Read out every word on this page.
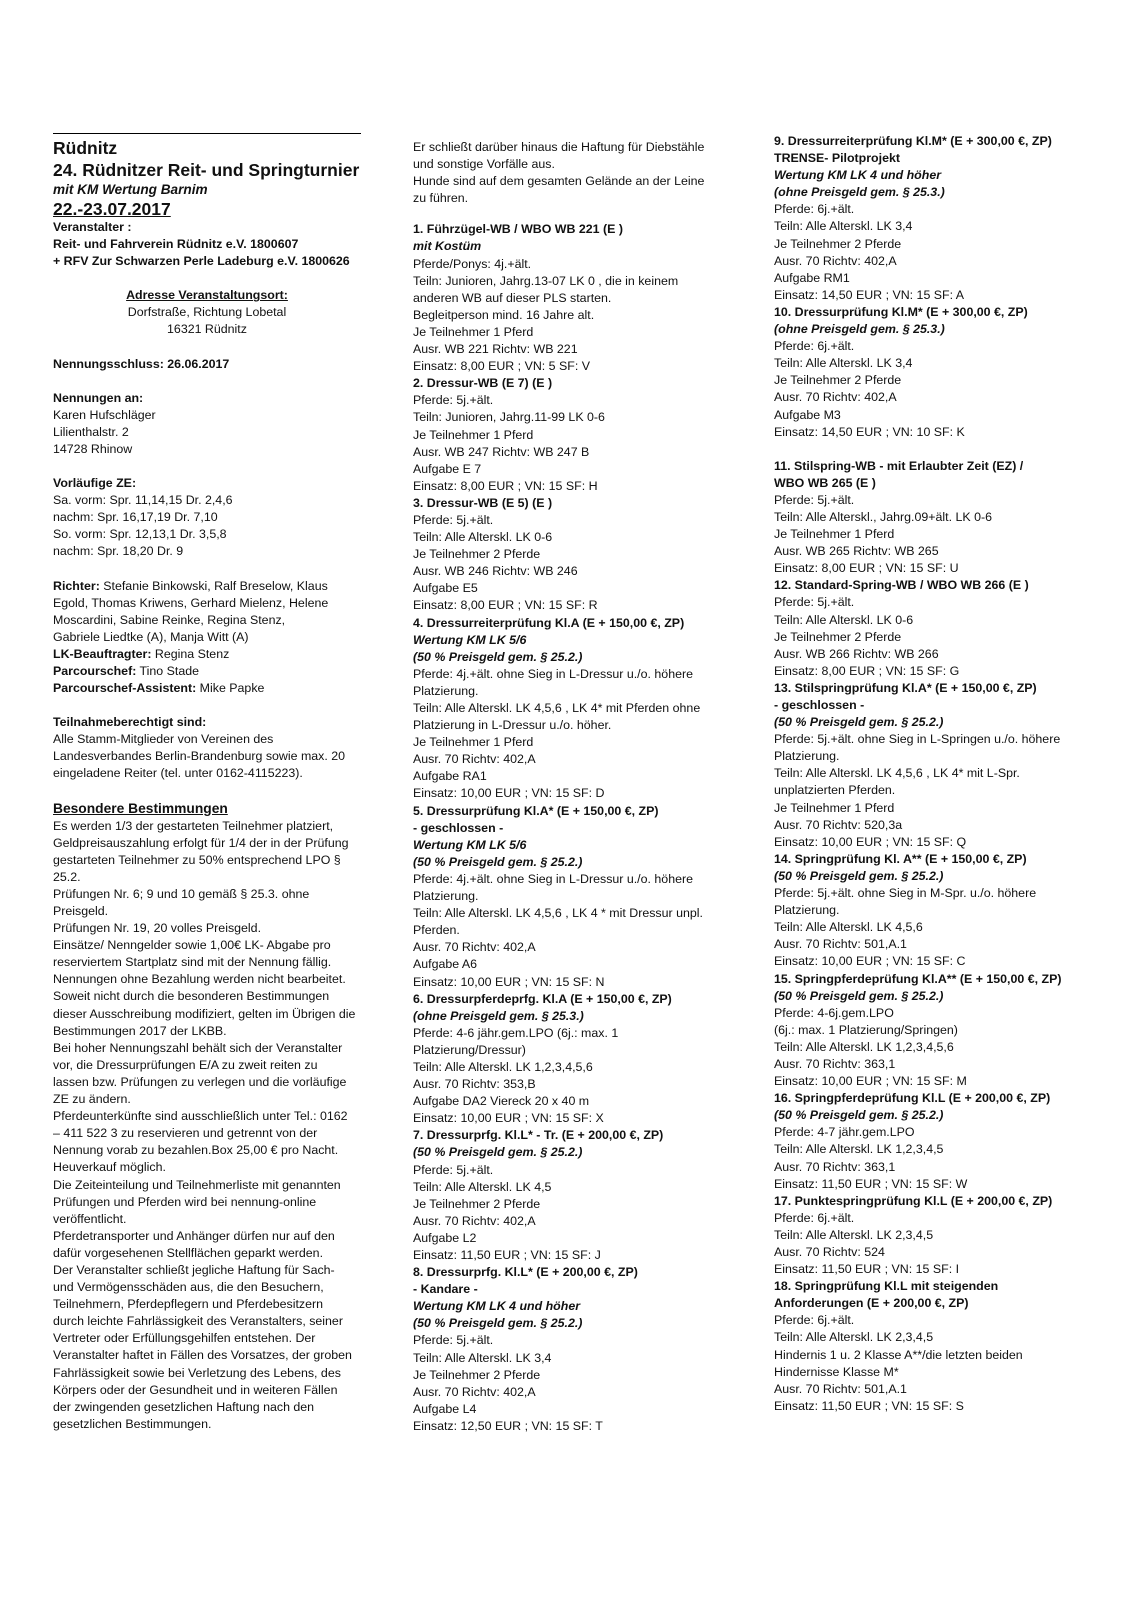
Rüdnitz
24. Rüdnitzer Reit- und Springturnier
mit KM Wertung Barnim
22.-23.07.2017
Veranstalter :
Reit- und Fahrverein Rüdnitz e.V. 1800607
+ RFV Zur Schwarzen Perle Ladeburg e.V. 1800626
Adresse Veranstaltungsort:
Dorfstraße, Richtung Lobetal
16321 Rüdnitz
Nennungsschluss: 26.06.2017
Nennungen an:
Karen Hufschläger
Lilienthalstr. 2
14728 Rhinow
Vorläufige ZE:
Sa. vorm: Spr. 11,14,15 Dr. 2,4,6
nachm: Spr. 16,17,19 Dr. 7,10
So. vorm: Spr. 12,13,1 Dr. 3,5,8
nachm: Spr. 18,20 Dr. 9
Richter: Stefanie Binkowski, Ralf Breselow, Klaus
Egold, Thomas Kriwens, Gerhard Mielenz, Helene
Moscardini, Sabine Reinke, Regina Stenz,
Gabriele Liedtke (A), Manja Witt (A)
LK-Beauftragter: Regina Stenz
Parcourschef: Tino Stade
Parcourschef-Assistent: Mike Papke
Teilnahmeberechtigt sind:
Alle Stamm-Mitglieder von Vereinen des
Landesverbandes Berlin-Brandenburg sowie max. 20
eingeladene Reiter (tel. unter 0162-4115223).
Besondere Bestimmungen
Es werden 1/3 der gestarteten Teilnehmer platziert,
Geldpreisauszahlung erfolgt für 1/4 der in der Prüfung
gestarteten Teilnehmer zu 50% entsprechend LPO §
25.2.
Prüfungen Nr. 6; 9 und 10 gemäß § 25.3. ohne
Preisgeld.
Prüfungen Nr. 19, 20 volles Preisgeld.
Einsätze/ Nenngelder sowie 1,00€ LK- Abgabe pro
reserviertem Startplatz sind mit der Nennung fällig.
Nennungen ohne Bezahlung werden nicht bearbeitet.
Soweit nicht durch die besonderen Bestimmungen
dieser Ausschreibung modifiziert, gelten im Übrigen die
Bestimmungen 2017 der LKBB.
Bei hoher Nennungszahl behält sich der Veranstalter
vor, die Dressurprüfungen E/A zu zweit reiten zu
lassen bzw. Prüfungen zu verlegen und die vorläufige
ZE zu ändern.
Pferdeunterkünfte sind ausschließlich unter Tel.: 0162
– 411 522 3 zu reservieren und getrennt von der
Nennung vorab zu bezahlen.Box 25,00 € pro Nacht.
Heuverkauf möglich.
Die Zeiteinteilung und Teilnehmerliste mit genannten
Prüfungen und Pferden wird bei nennung-online
veröffentlicht.
Pferdetransporter und Anhänger dürfen nur auf den
dafür vorgesehenen Stellflächen geparkt werden.
Der Veranstalter schließt jegliche Haftung für Sach-
und Vermögensschäden aus, die den Besuchern,
Teilnehmern, Pferdepflegern und Pferdebesitzern
durch leichte Fahrlässigkeit des Veranstalters, seiner
Vertreter oder Erfüllungsgehilfen entstehen. Der
Veranstalter haftet in Fällen des Vorsatzes, der groben
Fahrlässigkeit sowie bei Verletzung des Lebens, des
Körpers oder der Gesundheit und in weiteren Fällen
der zwingenden gesetzlichen Haftung nach den
gesetzlichen Bestimmungen.
Er schließt darüber hinaus die Haftung für Diebstähle
und sonstige Vorfälle aus.
Hunde sind auf dem gesamten Gelände an der Leine
zu führen.
1. Führzügel-WB / WBO WB 221 (E )
mit Kostüm
Pferde/Ponys: 4j.+ält.
Teiln: Junioren, Jahrg.13-07 LK 0 , die in keinem
anderen WB auf dieser PLS starten.
Begleitperson mind. 16 Jahre alt.
Je Teilnehmer 1 Pferd
Ausr. WB 221 Richtv: WB 221
Einsatz: 8,00 EUR ; VN: 5 SF: V
2. Dressur-WB (E 7) (E )
Pferde: 5j.+ält.
Teiln: Junioren, Jahrg.11-99 LK 0-6
Je Teilnehmer 1 Pferd
Ausr. WB 247 Richtv: WB 247 B
Aufgabe E 7
Einsatz: 8,00 EUR ; VN: 15 SF: H
3. Dressur-WB (E 5) (E )
Pferde: 5j.+ält.
Teiln: Alle Alterskl. LK 0-6
Je Teilnehmer 2 Pferde
Ausr. WB 246 Richtv: WB 246
Aufgabe E5
Einsatz: 8,00 EUR ; VN: 15 SF: R
4. Dressurreiterprüfung Kl.A (E + 150,00 €, ZP)
Wertung KM LK 5/6
(50 % Preisgeld gem. § 25.2.)
Pferde: 4j.+ält. ohne Sieg in L-Dressur u./o. höhere
Platzierung.
Teiln: Alle Alterskl. LK 4,5,6 , LK 4* mit Pferden ohne
Platzierung in L-Dressur u./o. höher.
Je Teilnehmer 1 Pferd
Ausr. 70 Richtv: 402,A
Aufgabe RA1
Einsatz: 10,00 EUR ; VN: 15 SF: D
5. Dressurprüfung Kl.A* (E + 150,00 €, ZP)
- geschlossen -
Wertung KM LK 5/6
(50 % Preisgeld gem. § 25.2.)
Pferde: 4j.+ält. ohne Sieg in L-Dressur u./o. höhere
Platzierung.
Teiln: Alle Alterskl. LK 4,5,6 , LK 4 * mit Dressur unpl.
Pferden.
Ausr. 70 Richtv: 402,A
Aufgabe A6
Einsatz: 10,00 EUR ; VN: 15 SF: N
6. Dressurpferdeprfg. Kl.A (E + 150,00 €, ZP)
(ohne Preisgeld gem. § 25.3.)
Pferde: 4-6 jähr.gem.LPO (6j.: max. 1
Platzierung/Dressur)
Teiln: Alle Alterskl. LK 1,2,3,4,5,6
Ausr. 70 Richtv: 353,B
Aufgabe DA2 Viereck 20 x 40 m
Einsatz: 10,00 EUR ; VN: 15 SF: X
7. Dressurprfg. Kl.L* - Tr. (E + 200,00 €, ZP)
(50 % Preisgeld gem. § 25.2.)
Pferde: 5j.+ält.
Teiln: Alle Alterskl. LK 4,5
Je Teilnehmer 2 Pferde
Ausr. 70 Richtv: 402,A
Aufgabe L2
Einsatz: 11,50 EUR ; VN: 15 SF: J
8. Dressurprfg. Kl.L* (E + 200,00 €, ZP)
- Kandare -
Wertung KM LK 4 und höher
(50 % Preisgeld gem. § 25.2.)
Pferde: 5j.+ält.
Teiln: Alle Alterskl. LK 3,4
Je Teilnehmer 2 Pferde
Ausr. 70 Richtv: 402,A
Aufgabe L4
Einsatz: 12,50 EUR ; VN: 15 SF: T
9. Dressurreiterprüfung Kl.M* (E + 300,00 €, ZP)
TRENSE- Pilotprojekt
Wertung KM LK 4 und höher
(ohne Preisgeld gem. § 25.3.)
Pferde: 6j.+ält.
Teiln: Alle Alterskl. LK 3,4
Je Teilnehmer 2 Pferde
Ausr. 70 Richtv: 402,A
Aufgabe RM1
Einsatz: 14,50 EUR ; VN: 15 SF: A
10. Dressurprüfung Kl.M* (E + 300,00 €, ZP)
(ohne Preisgeld gem. § 25.3.)
Pferde: 6j.+ält.
Teiln: Alle Alterskl. LK 3,4
Je Teilnehmer 2 Pferde
Ausr. 70 Richtv: 402,A
Aufgabe M3
Einsatz: 14,50 EUR ; VN: 10 SF: K
11. Stilspring-WB - mit Erlaubter Zeit (EZ) /
WBO WB 265 (E )
Pferde: 5j.+ält.
Teiln: Alle Alterskl., Jahrg.09+ält. LK 0-6
Je Teilnehmer 1 Pferd
Ausr. WB 265 Richtv: WB 265
Einsatz: 8,00 EUR ; VN: 15 SF: U
12. Standard-Spring-WB / WBO WB 266 (E )
Pferde: 5j.+ält.
Teiln: Alle Alterskl. LK 0-6
Je Teilnehmer 2 Pferde
Ausr. WB 266 Richtv: WB 266
Einsatz: 8,00 EUR ; VN: 15 SF: G
13. Stilspringprüfung Kl.A* (E + 150,00 €, ZP)
- geschlossen -
(50 % Preisgeld gem. § 25.2.)
Pferde: 5j.+ält. ohne Sieg in L-Springen u./o. höhere
Platzierung.
Teiln: Alle Alterskl. LK 4,5,6 , LK 4* mit L-Spr.
unplatzierten Pferden.
Je Teilnehmer 1 Pferd
Ausr. 70 Richtv: 520,3a
Einsatz: 10,00 EUR ; VN: 15 SF: Q
14. Springprüfung Kl. A** (E + 150,00 €, ZP)
(50 % Preisgeld gem. § 25.2.)
Pferde: 5j.+ält. ohne Sieg in M-Spr. u./o. höhere
Platzierung.
Teiln: Alle Alterskl. LK 4,5,6
Ausr. 70 Richtv: 501,A.1
Einsatz: 10,00 EUR ; VN: 15 SF: C
15. Springpferdeprüfung Kl.A** (E + 150,00 €, ZP)
(50 % Preisgeld gem. § 25.2.)
Pferde: 4-6j.gem.LPO
(6j.: max. 1 Platzierung/Springen)
Teiln: Alle Alterskl. LK 1,2,3,4,5,6
Ausr. 70 Richtv: 363,1
Einsatz: 10,00 EUR ; VN: 15 SF: M
16. Springpferdeprüfung Kl.L (E + 200,00 €, ZP)
(50 % Preisgeld gem. § 25.2.)
Pferde: 4-7 jähr.gem.LPO
Teiln: Alle Alterskl. LK 1,2,3,4,5
Ausr. 70 Richtv: 363,1
Einsatz: 11,50 EUR ; VN: 15 SF: W
17. Punktespringprüfung Kl.L (E + 200,00 €, ZP)
Pferde: 6j.+ält.
Teiln: Alle Alterskl. LK 2,3,4,5
Ausr. 70 Richtv: 524
Einsatz: 11,50 EUR ; VN: 15 SF: I
18. Springprüfung Kl.L mit steigenden
Anforderungen (E + 200,00 €, ZP)
Pferde: 6j.+ält.
Teiln: Alle Alterskl. LK 2,3,4,5
Hindernis 1 u. 2 Klasse A**/die letzten beiden
Hindernisse Klasse M*
Ausr. 70 Richtv: 501,A.1
Einsatz: 11,50 EUR ; VN: 15 SF: S
